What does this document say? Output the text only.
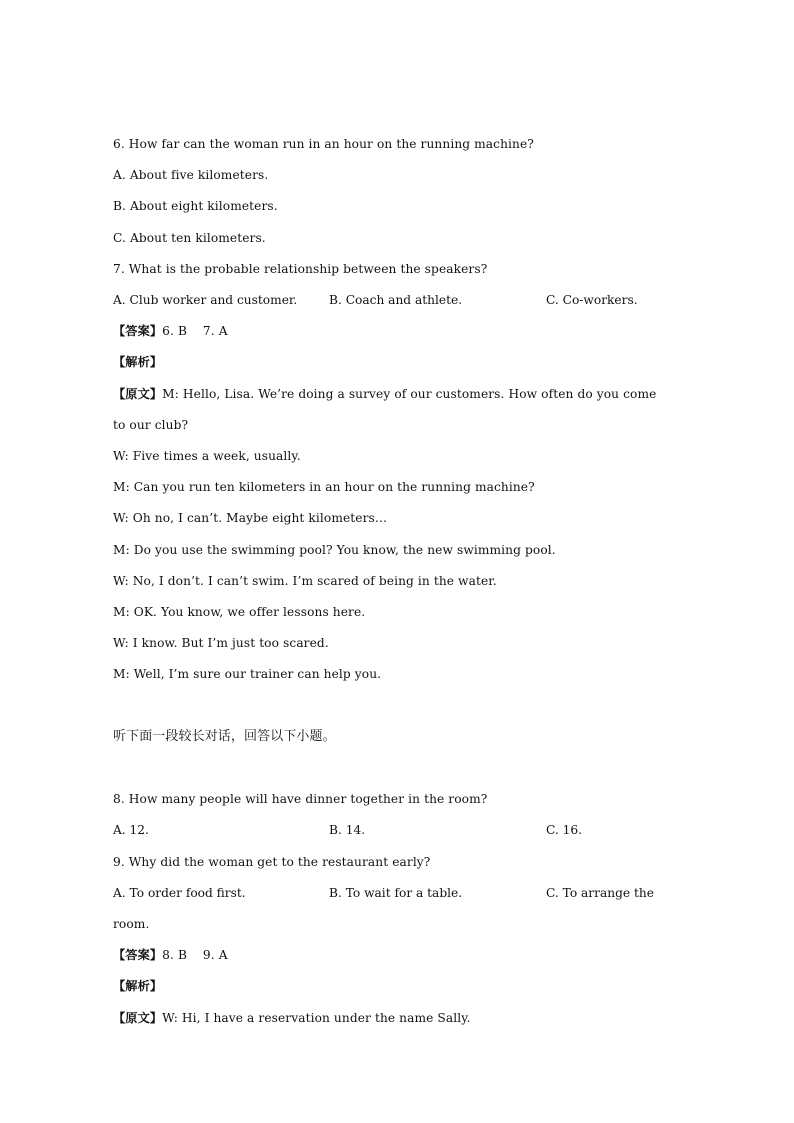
6. How far can the woman run in an hour on the running machine?
A. About five kilometers.
B. About eight kilometers.
C. About ten kilometers.
7. What is the probable relationship between the speakers?
A. Club worker and customer.	B. Coach and athlete.	C. Co-workers.
【答案】6. B    7. A
【解析】
【原文】M: Hello, Lisa. We’re doing a survey of our customers. How often do you come
to our club?
W: Five times a week, usually.
M: Can you run ten kilometers in an hour on the running machine?
W: Oh no, I can’t. Maybe eight kilometers…
M: Do you use the swimming pool? You know, the new swimming pool.
W: No, I don’t. I can’t swim. I’m scared of being in the water.
M: OK. You know, we offer lessons here.
W: I know. But I’m just too scared.
M: Well, I’m sure our trainer can help you.
听下面一段较长对话，回答以下小题。
8. How many people will have dinner together in the room?
A. 12.	B. 14.	C. 16.
9. Why did the woman get to the restaurant early?
A. To order food first.	B. To wait for a table.	C. To arrange the
room.
【答案】8. B    9. A
【解析】
【原文】W: Hi, I have a reservation under the name Sally.
